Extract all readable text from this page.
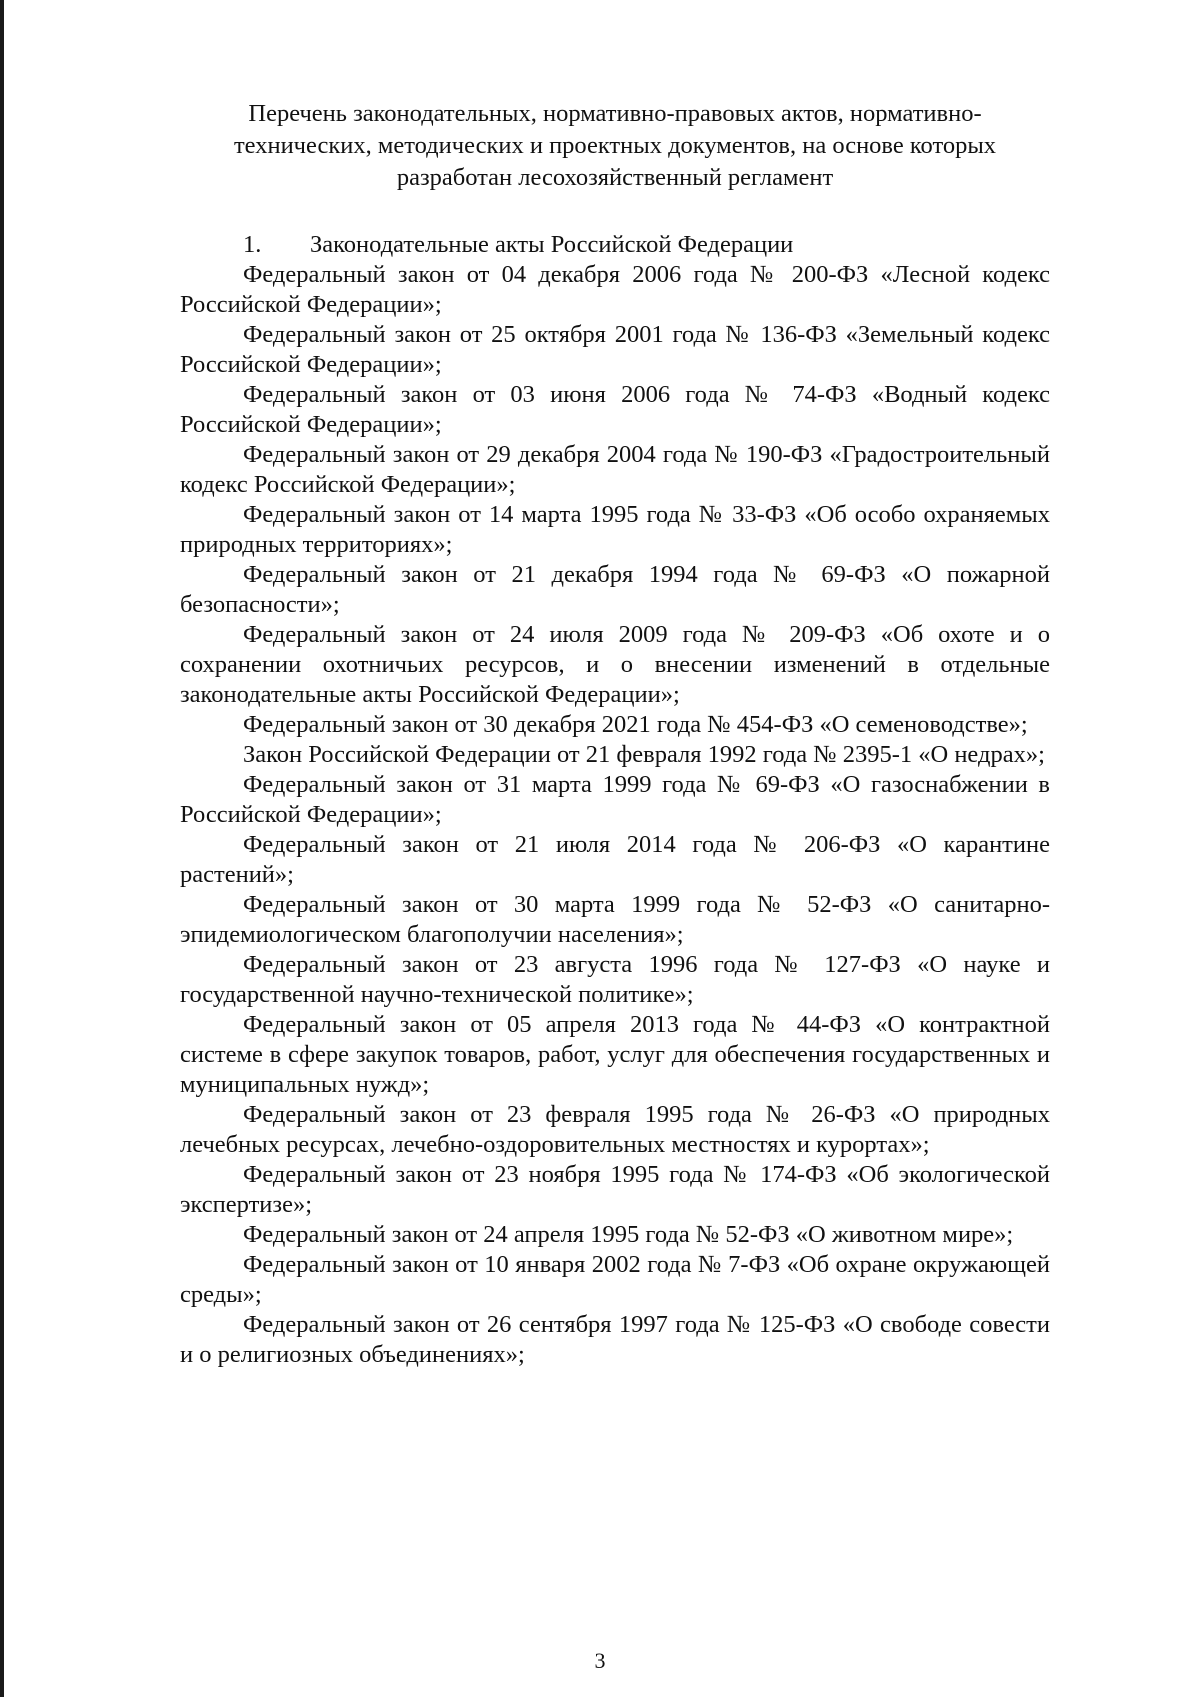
Перечень законодательных, нормативно-правовых актов, нормативно-
технических, методических и проектных документов, на основе которых
разработан лесохозяйственный регламент

1. Законодательные акты Российской Федерации

Федеральный закон от 04 декабря 2006 года № 200-ФЗ «Лесной кодекс Российской Федерации»;
Федеральный закон от 25 октября 2001 года № 136-ФЗ «Земельный кодекс Российской Федерации»;
Федеральный закон от 03 июня 2006 года № 74-ФЗ «Водный кодекс Российской Федерации»;
Федеральный закон от 29 декабря 2004 года № 190-ФЗ «Градостроительный кодекс Российской Федерации»;
Федеральный закон от 14 марта 1995 года № 33-ФЗ «Об особо охраняемых природных территориях»;
Федеральный закон от 21 декабря 1994 года № 69-ФЗ «О пожарной безопасности»;
Федеральный закон от 24 июля 2009 года № 209-ФЗ «Об охоте и о сохранении охотничьих ресурсов, и о внесении изменений в отдельные законодательные акты Российской Федерации»;
Федеральный закон от 30 декабря 2021 года № 454-ФЗ «О семеноводстве»;
Закон Российской Федерации от 21 февраля 1992 года № 2395-1 «О недрах»;
Федеральный закон от 31 марта 1999 года № 69-ФЗ «О газоснабжении в Российской Федерации»;
Федеральный закон от 21 июля 2014 года № 206-ФЗ «О карантине растений»;
Федеральный закон от 30 марта 1999 года № 52-ФЗ «О санитарно-эпидемиологическом благополучии населения»;
Федеральный закон от 23 августа 1996 года № 127-ФЗ «О науке и государственной научно-технической политике»;
Федеральный закон от 05 апреля 2013 года № 44-ФЗ «О контрактной системе в сфере закупок товаров, работ, услуг для обеспечения государственных и муниципальных нужд»;
Федеральный закон от 23 февраля 1995 года № 26-ФЗ «О природных лечебных ресурсах, лечебно-оздоровительных местностях и курортах»;
Федеральный закон от 23 ноября 1995 года № 174-ФЗ «Об экологической экспертизе»;
Федеральный закон от 24 апреля 1995 года № 52-ФЗ «О животном мире»;
Федеральный закон от 10 января 2002 года № 7-ФЗ «Об охране окружающей среды»;
Федеральный закон от 26 сентября 1997 года № 125-ФЗ «О свободе совести и о религиозных объединениях»;
3
